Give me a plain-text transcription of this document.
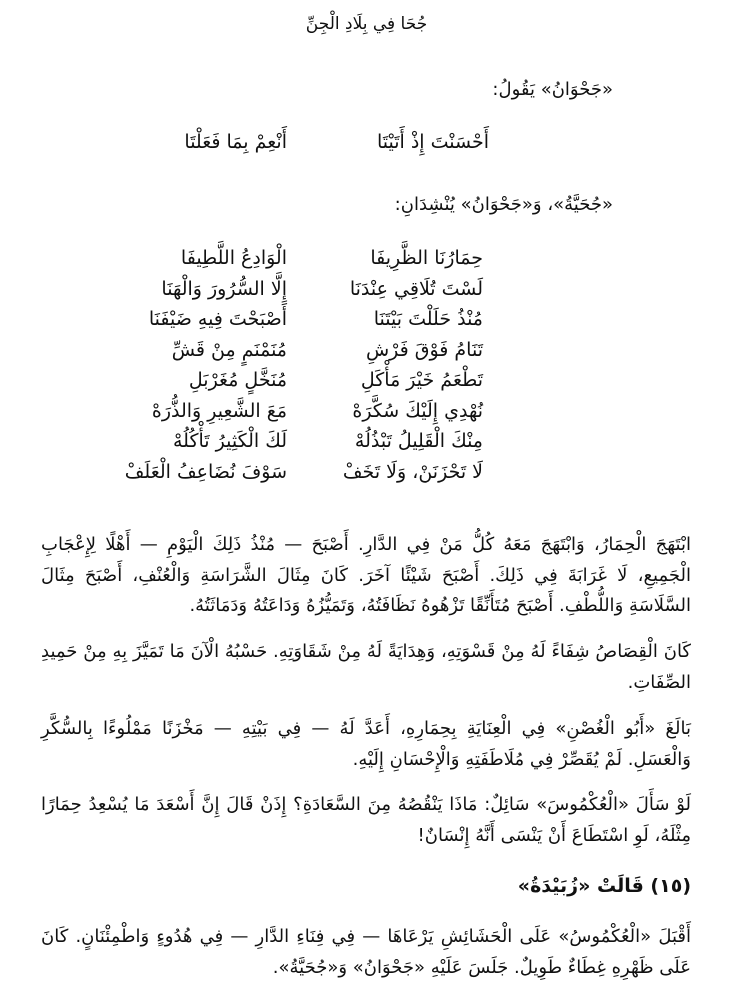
جُحَا فِي بِلَادِ الْجِنِّ
«جَحْوَانُ» يَقُولُ:
أَحْسَنْتَ إِذْ أَتَيْتَا
أَنْعِمْ بِمَا فَعَلْتَا
«جُحَيَّةُ»، وَ«جَحْوَانُ» يُنْشِدَانِ:
حِمَارُنَا الظَّرِيفَا
الْوَادِعُ اللَّطِيفَا
لَسْتَ تُلَاقِي عِنْدَنَا
إِلَّا السُّرُورَ وَالْهَنَا
مُنْذُ حَلَلْتَ بَيْتَنَا
أَصْبَحْتَ فِيهِ ضَيْفَنَا
تَنَامُ فَوْقَ فَرْشِ
مُنَمْنَمٍ مِنْ قَشِّ
تَطْعَمُ خَيْرَ مَأْكَلِ
مُنَخَّلٍ مُغَرْبَلِ
نُهْدِي إِلَيْكَ سُكَّرَهْ
مَعَ الشَّعِيرِ وَالذُّرَهْ
مِنْكَ الْقَلِيلُ تَبْذُلُهْ
لَكَ الْكَثِيرُ تَأْكُلُهْ
لَا تَحْزَنَنْ، وَلَا تَخَفْ
سَوْفَ نُضَاعِفُ الْعَلَفْ

ابْتَهَجَ الْحِمَارُ، وَابْتَهَجَ مَعَهُ كُلُّ مَنْ فِي الدَّارِ. أَصْبَحَ — مُنْذُ ذَلِكَ الْيَوْمِ — أَهْلًا لِإِعْجَابِ الْجَمِيعِ، لَا غَرَابَةَ فِي ذَلِكَ. أَصْبَحَ شَيْئًا آخَرَ. كَانَ مِثَالَ الشَّرَاسَةِ وَالْعُنْفِ، أَصْبَحَ مِثَالَ السَّلَاسَةِ وَاللُّطْفِ. أَصْبَحَ مُتَأَنِّقًا تَزْهُوهُ نَظَافَتُهُ، وَتَمَيُّزُهُ وَدَاعَتُهُ وَدَمَاثَتُهُ.

كَانَ الْقِصَاصُ شِفَاءً لَهُ مِنْ قَسْوَتِهِ، وَهِدَايَةً لَهُ مِنْ شَقَاوَتِهِ. حَسْبُهُ الْآنَ مَا تَمَيَّزَ بِهِ مِنْ حَمِيدِ الصِّفَاتِ.

بَالَغَ «أَبُو الْغُصْنِ» فِي الْعِنَايَةِ بِحِمَارِهِ، أَعَدَّ لَهُ — فِي بَيْتِهِ — مَخْزَنًا مَمْلُوءًا بِالسُّكَّرِ وَالْعَسَلِ. لَمْ يُقَصِّرْ فِي مُلَاطَفَتِهِ وَالْإِحْسَانِ إِلَيْهِ.

لَوْ سَأَلَ «الْعُكْمُوسَ» سَائِلٌ: مَاذَا يَنْقُصُهُ مِنَ السَّعَادَةِ؟ إِذَنْ قَالَ إِنَّ أَسْعَدَ مَا يُسْعِدُ حِمَارًا مِثْلَهُ، لَوِ اسْتَطَاعَ أَنْ يَنْسَى أَنَّهُ إِنْسَانٌ!

(١٥) قَالَتْ «زُبَيْدَةُ»

أَقْبَلَ «الْعُكْمُوسُ» عَلَى الْحَشَائِشِ يَرْعَاهَا — فِي فِنَاءِ الدَّارِ — فِي هُدُوءٍ وَاطْمِئْنَانٍ. كَانَ عَلَى ظَهْرِهِ غِطَاءٌ طَوِيلٌ. جَلَسَ عَلَيْهِ «جَحْوَانُ» وَ«جُحَيَّةُ».
